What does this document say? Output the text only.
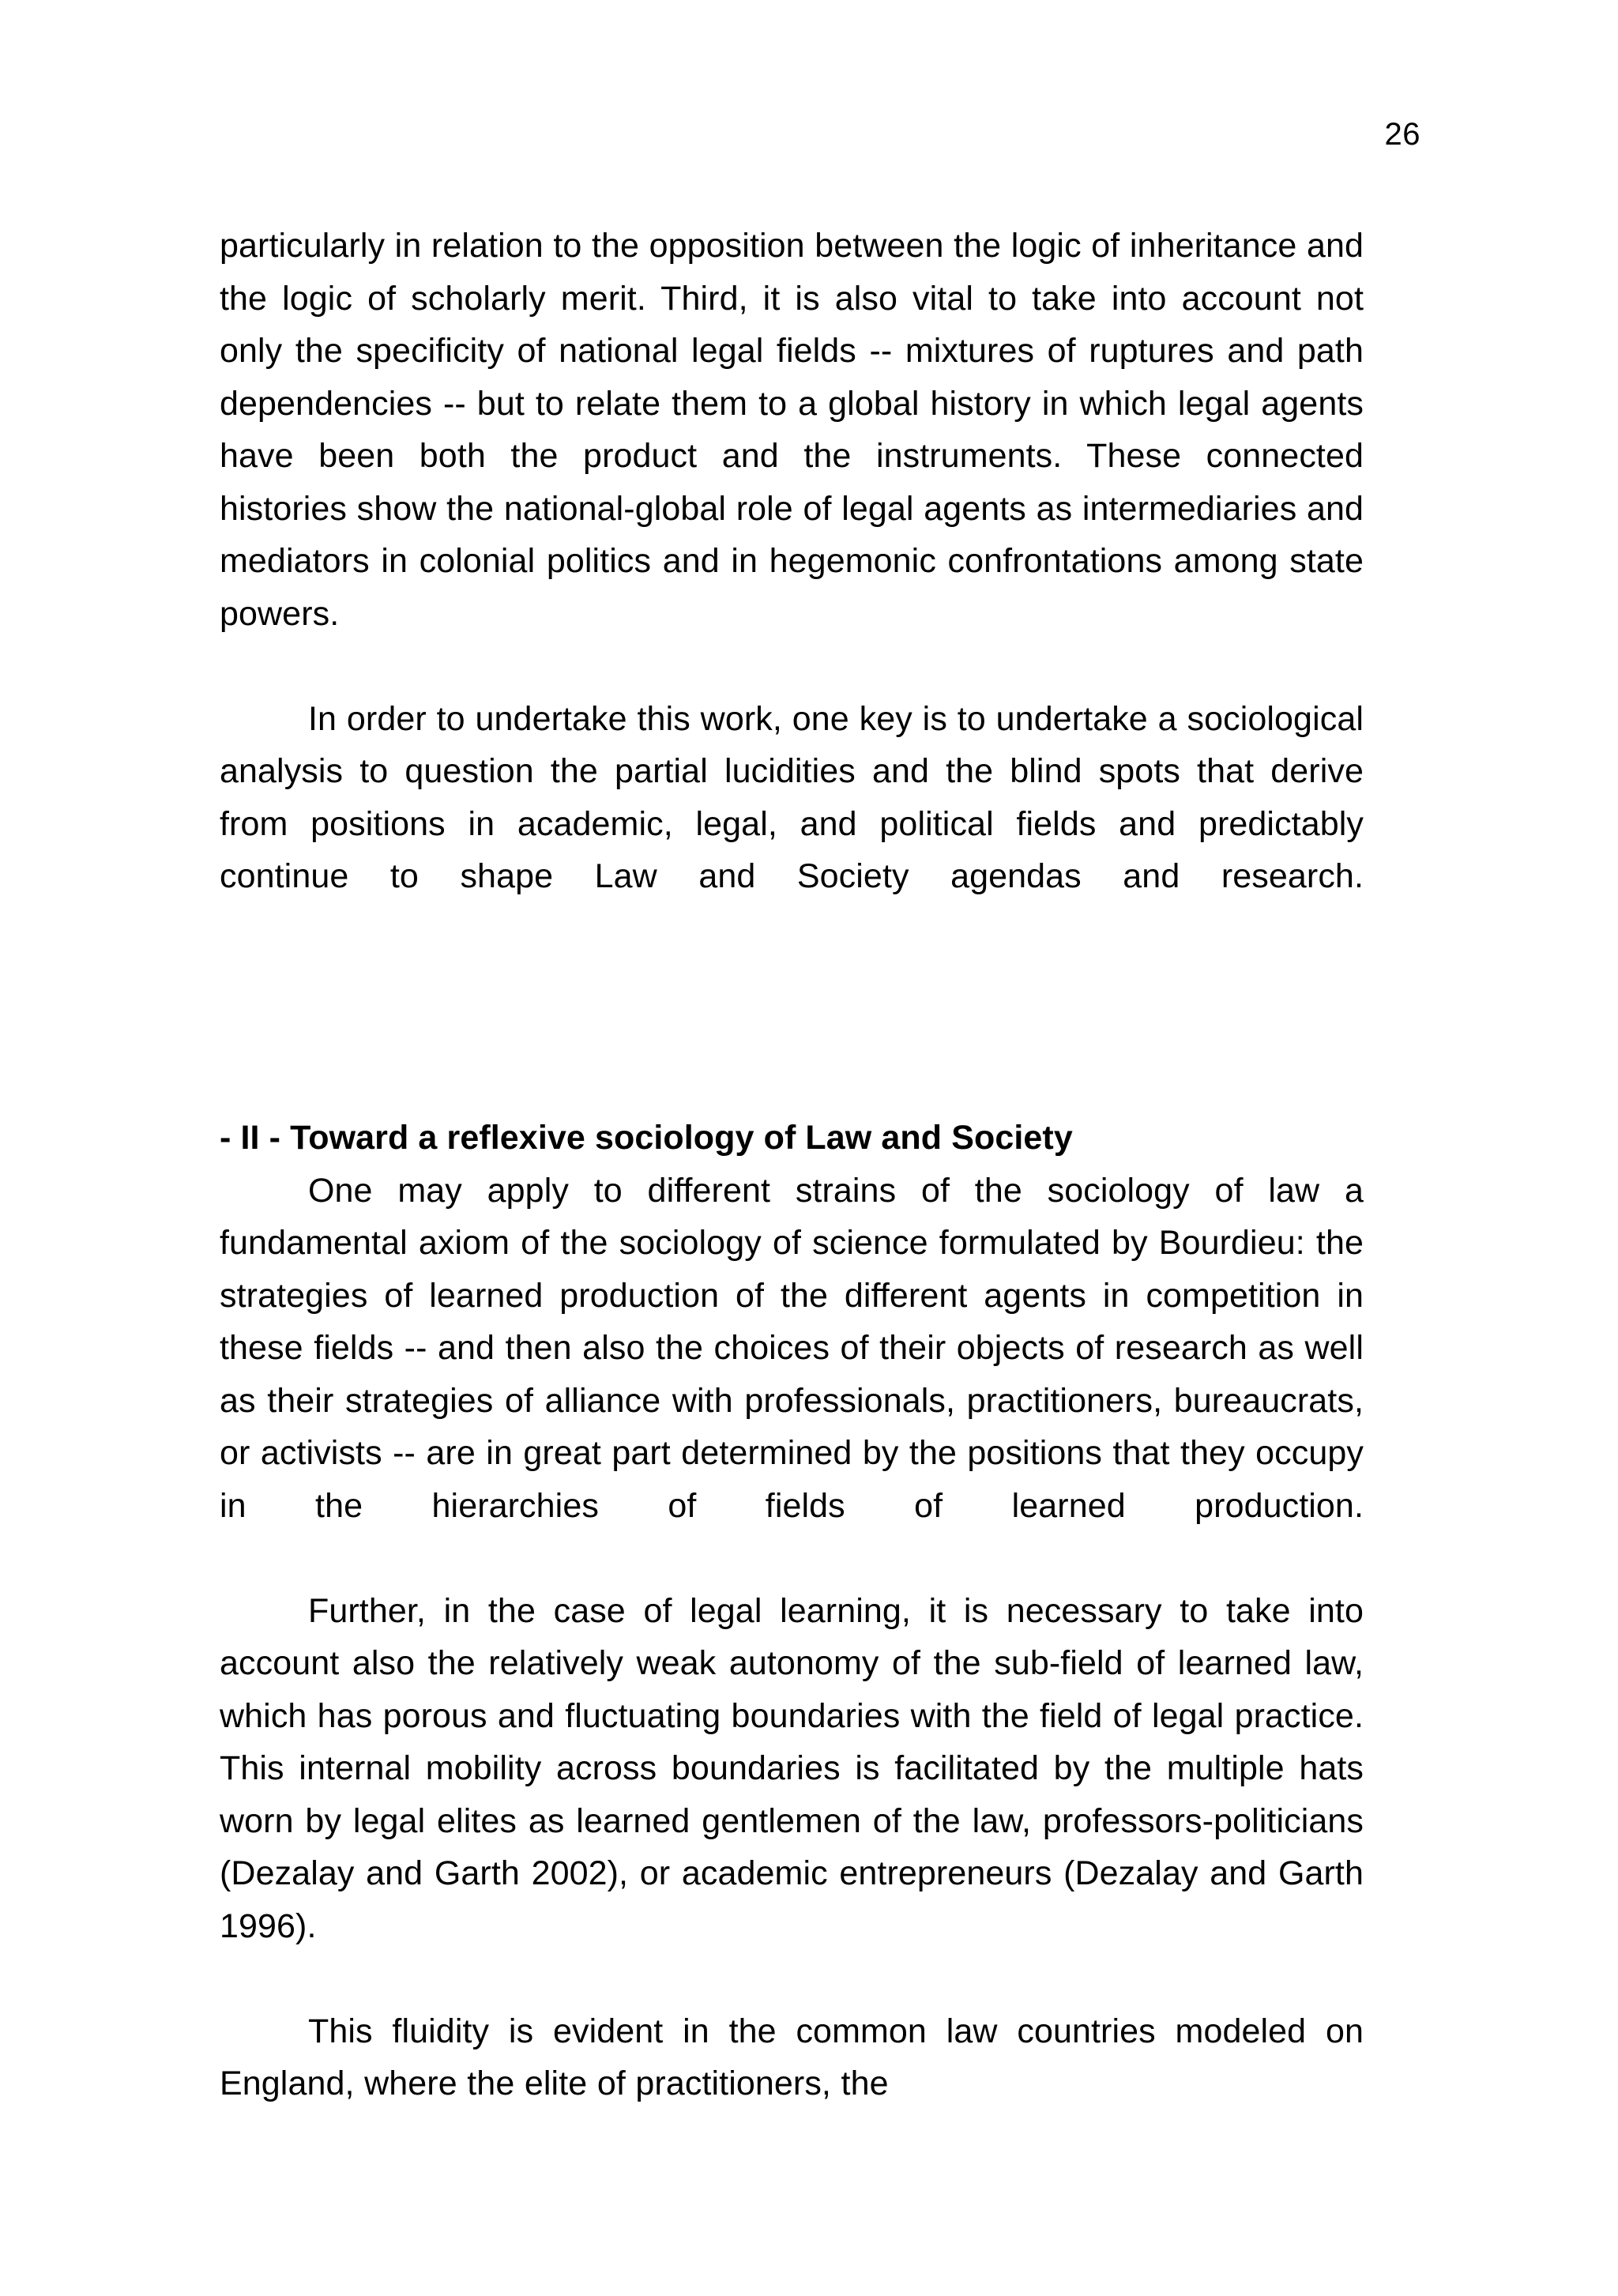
26

particularly in relation to the opposition between the logic of inheritance and the logic of scholarly merit. Third, it is also vital to take into account not only the specificity of national legal fields -- mixtures of ruptures and path dependencies -- but to relate them to a global history in which legal agents have been both the product and the instruments. These connected histories show the national-global role of legal agents as intermediaries and mediators in colonial politics and in hegemonic confrontations among state powers.

In order to undertake this work, one key is to undertake a sociological analysis to question the partial lucidities and the blind spots that derive from positions in academic, legal, and political fields and predictably continue to shape Law and Society agendas and research.

- II - Toward a reflexive sociology of Law and Society

One may apply to different strains of the sociology of law a fundamental axiom of the sociology of science formulated by Bourdieu: the strategies of learned production of the different agents in competition in these fields -- and then also the choices of their objects of research as well as their strategies of alliance with professionals, practitioners, bureaucrats, or activists -- are in great part determined by the positions that they occupy in the hierarchies of fields of learned production.

Further, in the case of legal learning, it is necessary to take into account also the relatively weak autonomy of the sub-field of learned law, which has porous and fluctuating boundaries with the field of legal practice. This internal mobility across boundaries is facilitated by the multiple hats worn by legal elites as learned gentlemen of the law, professors-politicians (Dezalay and Garth 2002), or academic entrepreneurs (Dezalay and Garth 1996).

This fluidity is evident in the common law countries modeled on England, where the elite of practitioners, the
